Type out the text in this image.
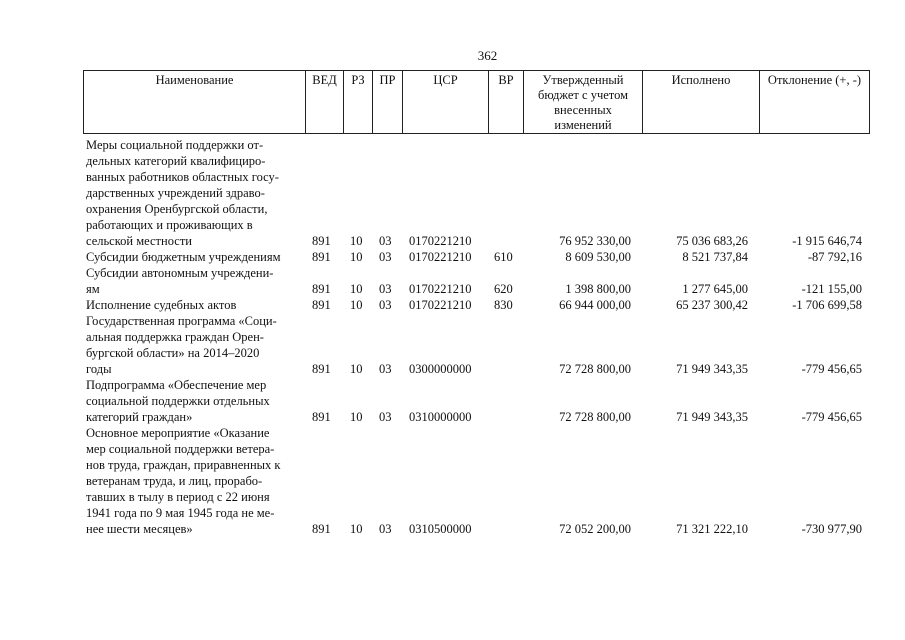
362
Наименование	ВЕД	РЗ	ПР	ЦСР	ВР	Утвержденный бюджет с учетом внесенных изменений	Исполнено	Отклонение (+, -)
Меры социальной поддержки от-
дельных категорий квалифициро-
ванных работников областных госу-
дарственных учреждений здраво-
охранения Оренбургской области,
работающих и проживающих в
сельской местности	891 10 03 0170221210	76 952 330,00	75 036 683,26	-1 915 646,74
Субсидии бюджетным учреждениям	891 10 03 0170221210 610	8 609 530,00	8 521 737,84	-87 792,16
Субсидии автономным учреждени-
ям	891 10 03 0170221210 620	1 398 800,00	1 277 645,00	-121 155,00
Исполнение судебных актов	891 10 03 0170221210 830	66 944 000,00	65 237 300,42	-1 706 699,58
Государственная программа «Соци-
альная поддержка граждан Орен-
бургской области» на 2014–2020
годы	891 10 03 0300000000	72 728 800,00	71 949 343,35	-779 456,65
Подпрограмма «Обеспечение мер
социальной поддержки отдельных
категорий граждан»	891 10 03 0310000000	72 728 800,00	71 949 343,35	-779 456,65
Основное мероприятие «Оказание
мер социальной поддержки ветера-
нов труда, граждан, приравненных к
ветеранам труда, и лиц, прорабо-
тавших в тылу в период с 22 июня
1941 года по 9 мая 1945 года не ме-
нее шести месяцев»	891 10 03 0310500000	72 052 200,00	71 321 222,10	-730 977,90
